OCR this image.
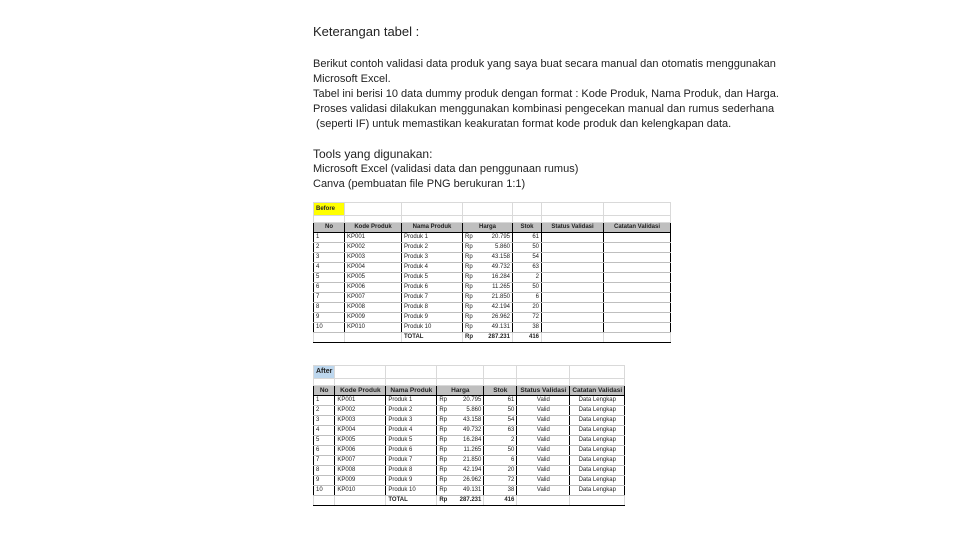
Keterangan tabel :
Berikut contoh validasi data produk yang saya buat secara manual dan otomatis menggunakan
Microsoft Excel.
Tabel ini berisi 10 data dummy produk dengan format : Kode Produk, Nama Produk, dan Harga.
Proses validasi dilakukan menggunakan kombinasi pengecekan manual dan rumus sederhana
(seperti IF) untuk memastikan keakuratan format kode produk dan kelengkapan data.
Tools yang digunakan:
Microsoft Excel (validasi data dan penggunaan rumus)
Canva (pembuatan file PNG berukuran 1:1)
Before						

No	Kode Produk	Nama Produk	Harga	Stok	Status Validasi	Catatan Validasi
1	KP001	Produk 1	Rp 20.795	61		
2	KP002	Produk 2	Rp 5.860	50		
3	KP003	Produk 3	Rp 43.158	54		
4	KP004	Produk 4	Rp 49.732	63		
5	KP005	Produk 5	Rp 16.284	2		
6	KP006	Produk 6	Rp 11.265	50		
7	KP007	Produk 7	Rp 21.850	6		
8	KP008	Produk 8	Rp 42.194	20		
9	KP009	Produk 9	Rp 26.962	72		
10	KP010	Produk 10	Rp 49.131	38		
		TOTAL	Rp 287.231	416		
After						

No	Kode Produk	Nama Produk	Harga	Stok	Status Validasi	Catatan Validasi
1	KP001	Produk 1	Rp 20.795	61	Valid	Data Lengkap
2	KP002	Produk 2	Rp 5.860	50	Valid	Data Lengkap
3	KP003	Produk 3	Rp 43.158	54	Valid	Data Lengkap
4	KP004	Produk 4	Rp 49.732	63	Valid	Data Lengkap
5	KP005	Produk 5	Rp 16.284	2	Valid	Data Lengkap
6	KP006	Produk 6	Rp 11.265	50	Valid	Data Lengkap
7	KP007	Produk 7	Rp 21.850	6	Valid	Data Lengkap
8	KP008	Produk 8	Rp 42.194	20	Valid	Data Lengkap
9	KP009	Produk 9	Rp 26.962	72	Valid	Data Lengkap
10	KP010	Produk 10	Rp 49.131	38	Valid	Data Lengkap
		TOTAL	Rp 287.231	416		
